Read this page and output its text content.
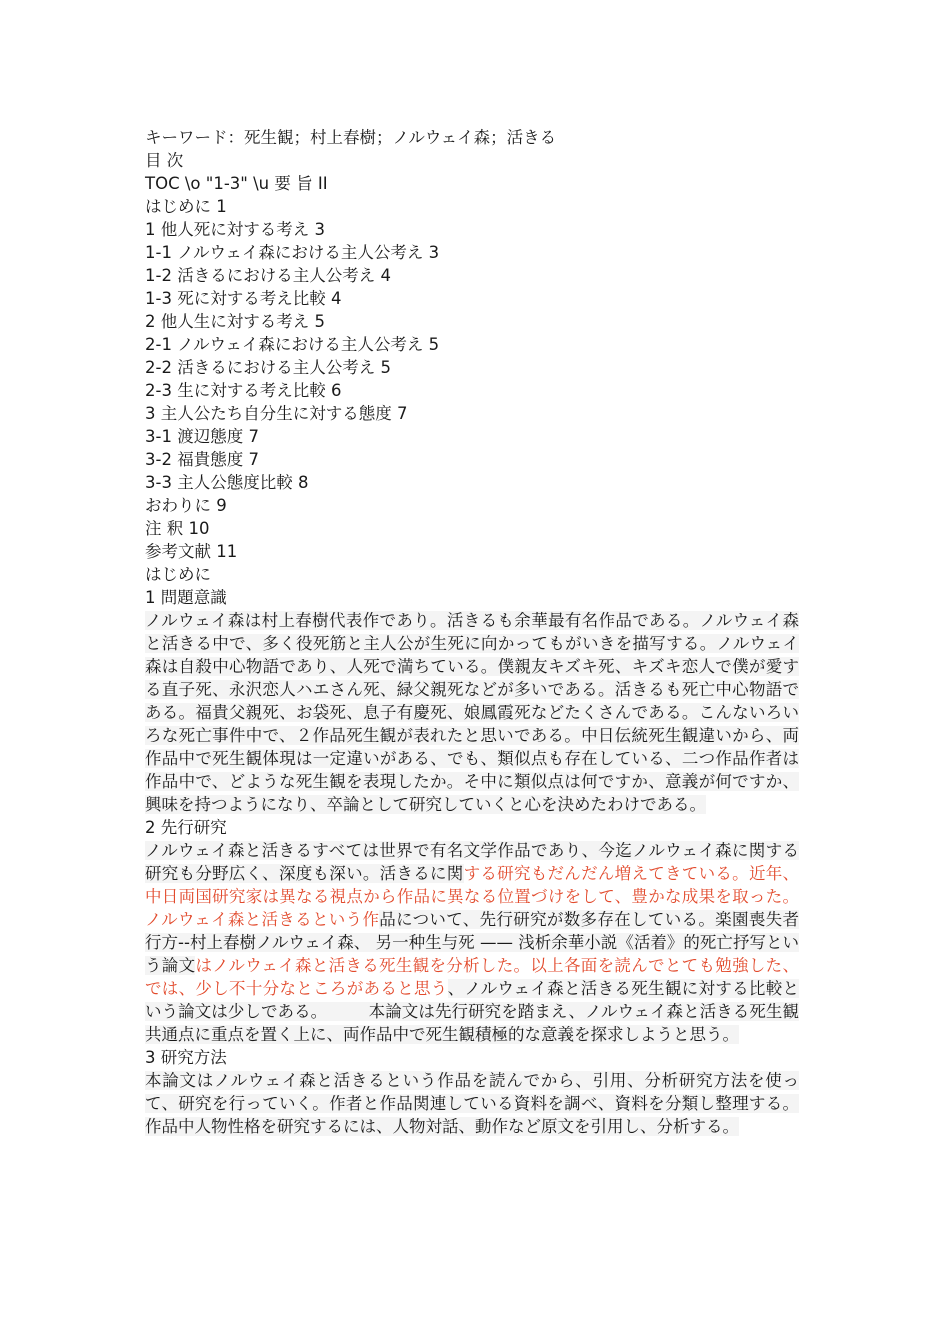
キーワード：死生観；村上春樹；ノルウェイ森；活きる
目 次
TOC \o "1-3" \u 要 旨 II
はじめに 1
1 他人死に対する考え 3
1-1 ノルウェイ森における主人公考え 3
1-2 活きるにおける主人公考え 4
1-3 死に対する考え比較 4
2 他人生に対する考え 5
2-1 ノルウェイ森における主人公考え 5
2-2 活きるにおける主人公考え 5
2-3 生に対する考え比較 6
3 主人公たち自分生に対する態度 7
3-1 渡辺態度 7
3-2 福貴態度 7
3-3 主人公態度比較 8
おわりに 9
注 釈 10
参考文献 11
はじめに
1 問題意識
ノルウェイ森は村上春樹代表作であり。活きるも余華最有名作品である。ノルウェイ森と活きる中で、多く役死筋と主人公が生死に向かってもがいきを描写する。ノルウェイ森は自殺中心物語であり、人死で満ちている。僕親友キズキ死、キズキ恋人で僕が愛する直子死、永沢恋人ハエさん死、緑父親死などが多いである。活きるも死亡中心物語である。福貴父親死、お袋死、息子有慶死、娘鳳霞死などたくさんである。こんないろいろな死亡事件中で、２作品死生観が表れたと思いである。中日伝統死生観違いから、両作品中で死生観体現は一定違いがある、でも、類似点も存在している、二つ作品作者は作品中で、どような死生観を表現したか。そ中に類似点は何ですか、意義が何ですか、興味を持つようになり、卒論として研究していくと心を決めたわけである。
2 先行研究
ノルウェイ森と活きるすべては世界で有名文学作品であり、今迄ノルウェイ森に関する研究も分野広く、深度も深い。活きるに関する研究もだんだん増えてきている。近年、中日両国研究家は異なる視点から作品に異なる位置づけをして、豊かな成果を取った。ノルウェイ森と活きるという作品について、先行研究が数多存在している。楽園喪失者行方--村上春樹ノルウェイ森、 另一种生与死 —— 浅析余華小説《活着》的死亡抒写という論文はノルウェイ森と活きる死生観を分析した。以上各面を読んでとても勉強した、では、少し不十分なところがあると思う、ノルウェイ森と活きる死生観に対する比較という論文は少しである。　　　本論文は先行研究を踏まえ、ノルウェイ森と活きる死生観共通点に重点を置く上に、両作品中で死生観積極的な意義を探求しようと思う。
3 研究方法
本論文はノルウェイ森と活きるという作品を読んでから、引用、分析研究方法を使って、研究を行っていく。作者と作品関連している資料を調べ、資料を分類し整理する。作品中人物性格を研究するには、人物対話、動作など原文を引用し、分析する。
